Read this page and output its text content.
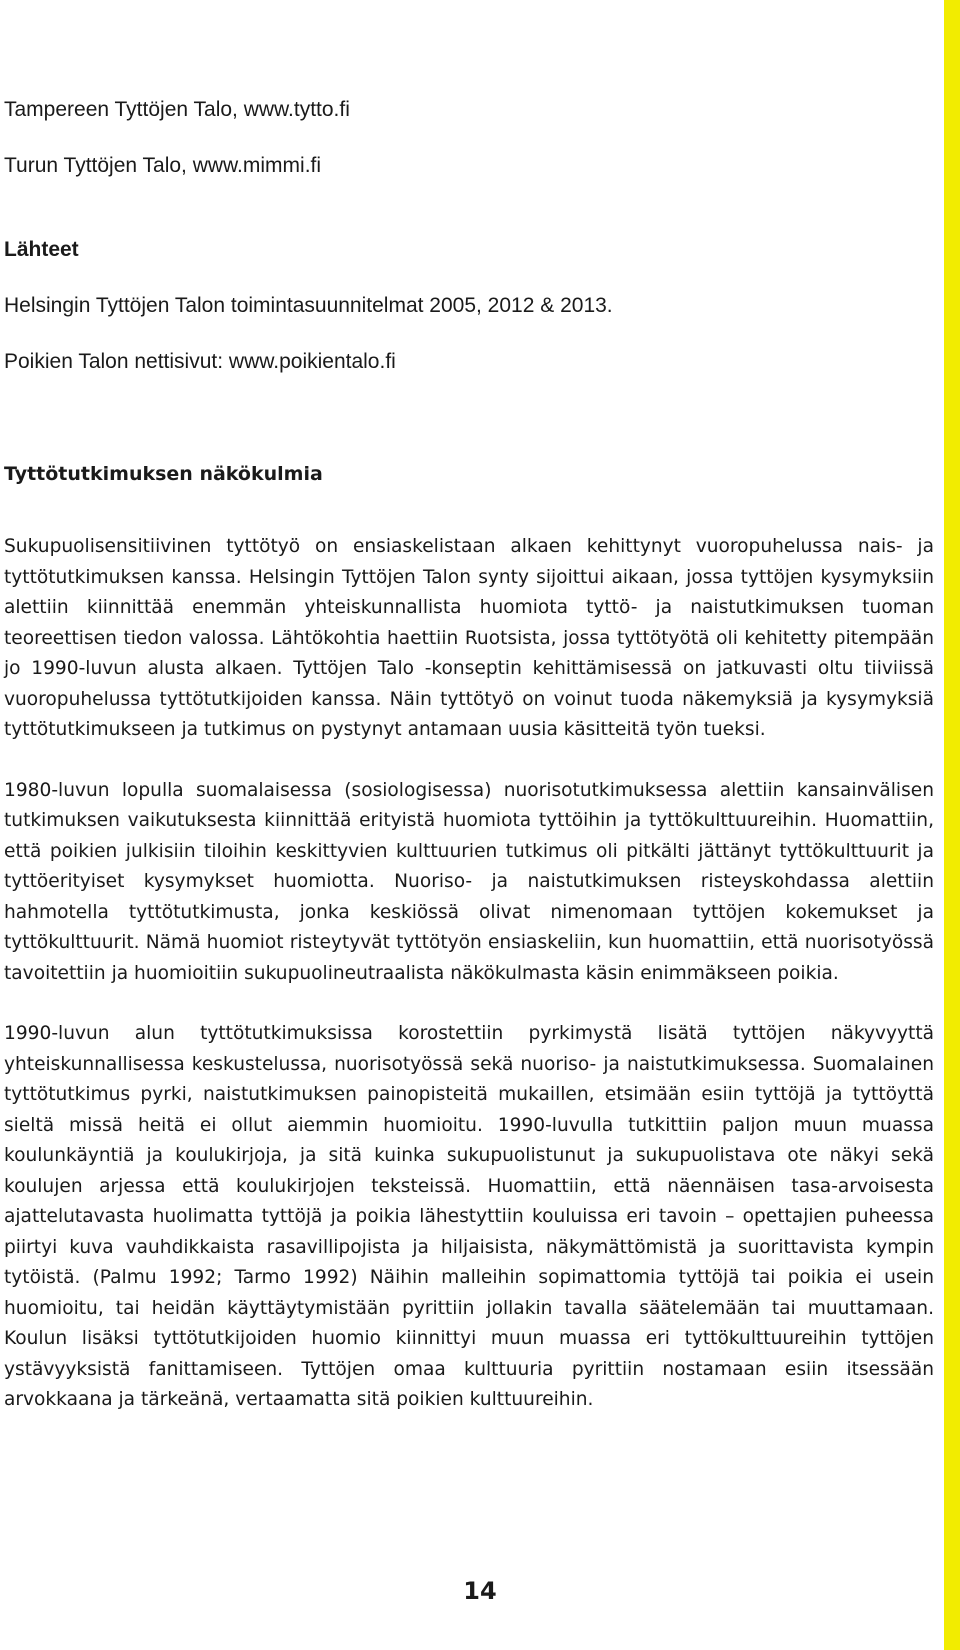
Tampereen Tyttöjen Talo, www.tytto.fi

Turun Tyttöjen Talo, www.mimmi.fi

Lähteet

Helsingin Tyttöjen Talon toimintasuunnitelmat 2005, 2012 & 2013.

Poikien Talon nettisivut: www.poikientalo.fi

Tyttötutkimuksen näkökulmia

Sukupuolisensitiivinen tyttötyö on ensiaskelistaan alkaen kehittynyt vuoropuhelussa nais- ja tyttötutkimuksen kanssa. Helsingin Tyttöjen Talon synty sijoittui aikaan, jossa tyttöjen kysymyksiin alettiin kiinnittää enemmän yhteiskunnallista huomiota tyttö- ja naistutkimuksen tuoman teoreettisen tiedon valossa. Lähtökohtia haettiin Ruotsista, jossa tyttötyötä oli kehitetty pitempään jo 1990-luvun alusta alkaen. Tyttöjen Talo -konseptin kehittämisessä on jatkuvasti oltu tiiviissä vuoropuhelussa tyttötutkijoiden kanssa. Näin tyttötyö on voinut tuoda näkemyksiä ja kysymyksiä tyttötutkimukseen ja tutkimus on pystynyt antamaan uusia käsitteitä työn tueksi.

1980-luvun lopulla suomalaisessa (sosiologisessa) nuorisotutkimuksessa alettiin kansainvälisen tutkimuksen vaikutuksesta kiinnittää erityistä huomiota tyttöihin ja tyttökulttuureihin. Huomattiin, että poikien julkisiin tiloihin keskittyvien kulttuurien tutkimus oli pitkälti jättänyt tyttökulttuurit ja tyttöerityiset kysymykset huomiotta. Nuoriso- ja naistutkimuksen risteyskohdassa alettiin hahmotella tyttötutkimusta, jonka keskiössä olivat nimenomaan tyttöjen kokemukset ja tyttökulttuurit. Nämä huomiot risteytyvät tyttötyön ensiaskeliin, kun huomattiin, että nuorisotyössä tavoitettiin ja huomioitiin sukupuolineutraalista näkökulmasta käsin enimmäkseen poikia.

1990-luvun alun tyttötutkimuksissa korostettiin pyrkimystä lisätä tyttöjen näkyvyyttä yhteiskunnallisessa keskustelussa, nuorisotyössä sekä nuoriso- ja naistutkimuksessa. Suomalainen tyttötutkimus pyrki, naistutkimuksen painopisteitä mukaillen, etsimään esiin tyttöjä ja tyttöyttä sieltä missä heitä ei ollut aiemmin huomioitu. 1990-luvulla tutkittiin paljon muun muassa koulunkäyntiä ja koulukirjoja, ja sitä kuinka sukupuolistunut ja sukupuolistava ote näkyi sekä koulujen arjessa että koulukirjojen teksteissä. Huomattiin, että näennäisen tasa-arvoisesta ajattelutavasta huolimatta tyttöjä ja poikia lähestyttiin kouluissa eri tavoin – opettajien puheessa piirtyi kuva vauhdikkaista rasavillipojista ja hiljaisista, näkymättömistä ja suorittavista kympin tytöistä. (Palmu 1992; Tarmo 1992) Näihin malleihin sopimattomia tyttöjä tai poikia ei usein huomioitu, tai heidän käyttäytymistään pyrittiin jollakin tavalla säätelemään tai muuttamaan. Koulun lisäksi tyttötutkijoiden huomio kiinnittyi muun muassa eri tyttökulttuureihin tyttöjen ystävyyksistä fanittamiseen. Tyttöjen omaa kulttuuria pyrittiin nostamaan esiin itsessään arvokkaana ja tärkeänä, vertaamatta sitä poikien kulttuureihin.

14
